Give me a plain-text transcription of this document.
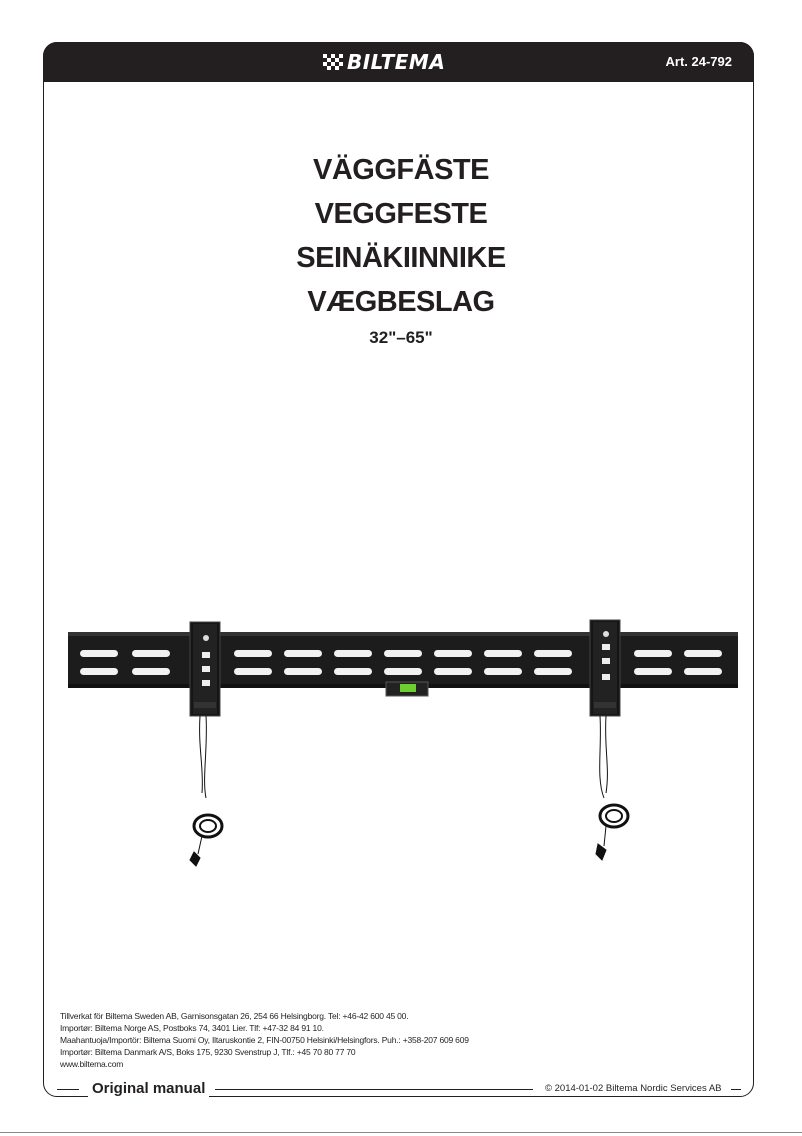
BILTEMA	Art. 24-792
VÄGGFÄSTE
VEGGFESTE
SEINÄKIINNIKE
VÆGBESLAG
32"–65"
Tillverkat för Biltema Sweden AB, Garnisonsgatan 26, 254 66 Helsingborg. Tel: +46-42 600 45 00.
Importør: Biltema Norge AS, Postboks 74, 3401 Lier. Tlf: +47-32 84 91 10.
Maahantuoja/Importör: Biltema Suomi Oy, Iltaruskontie 2, FIN-00750 Helsinki/Helsingfors. Puh.: +358-207 609 609
Importør: Biltema Danmark A/S, Boks 175, 9230 Svenstrup J, Tlf.: +45 70 80 77 70
www.biltema.com
Original manual	© 2014-01-02 Biltema Nordic Services AB
